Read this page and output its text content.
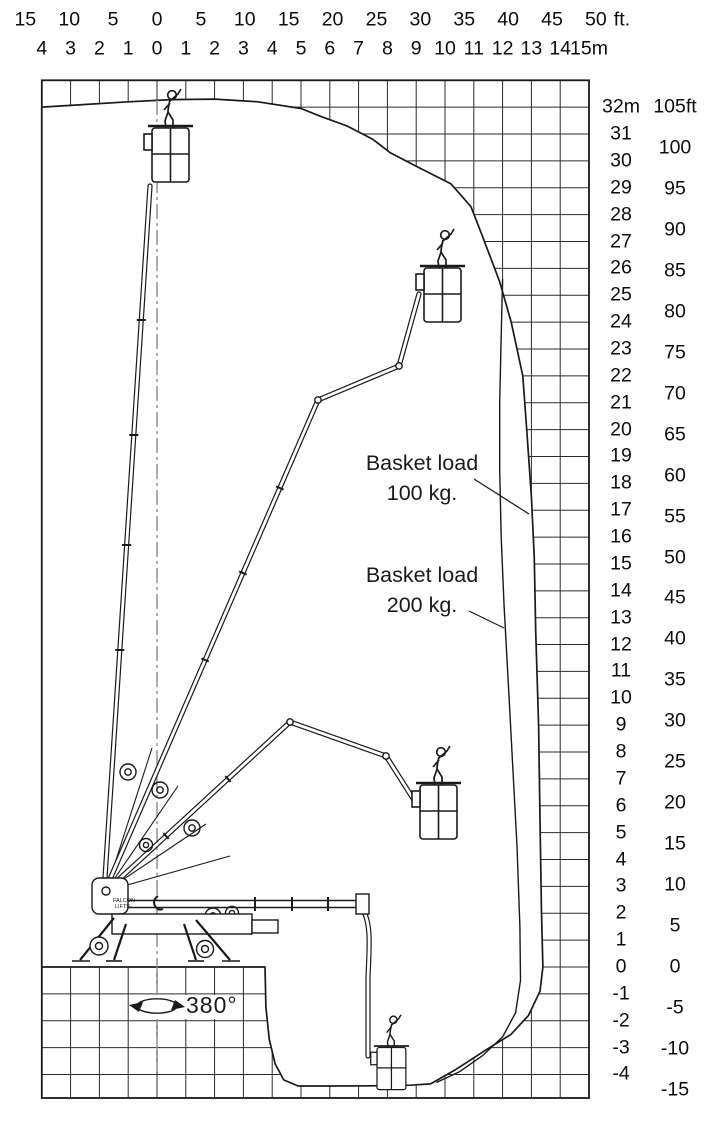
FALCON
LIFTS
15 10 5 0 5 10 15 20 25 30 35 40 45 50 ft.
4 3 2 1 0 1 2 3 4 5 6 7 8 9 10 11 12 13 14
15m
32m
31
30
29
28
27
26
25
24
23
22
21
20
19
18
17
16
15
14
13
12
11
10
9
8
7
6
5
4
3
2
1
0
-1
-2
-3
-4
105ft
100
95
90
85
80
75
70
65
60
55
50
45
40
35
30
25
20
15
10
5
0
-5
-10
-15
Basket load
100 kg.
Basket load
200 kg.
380°
